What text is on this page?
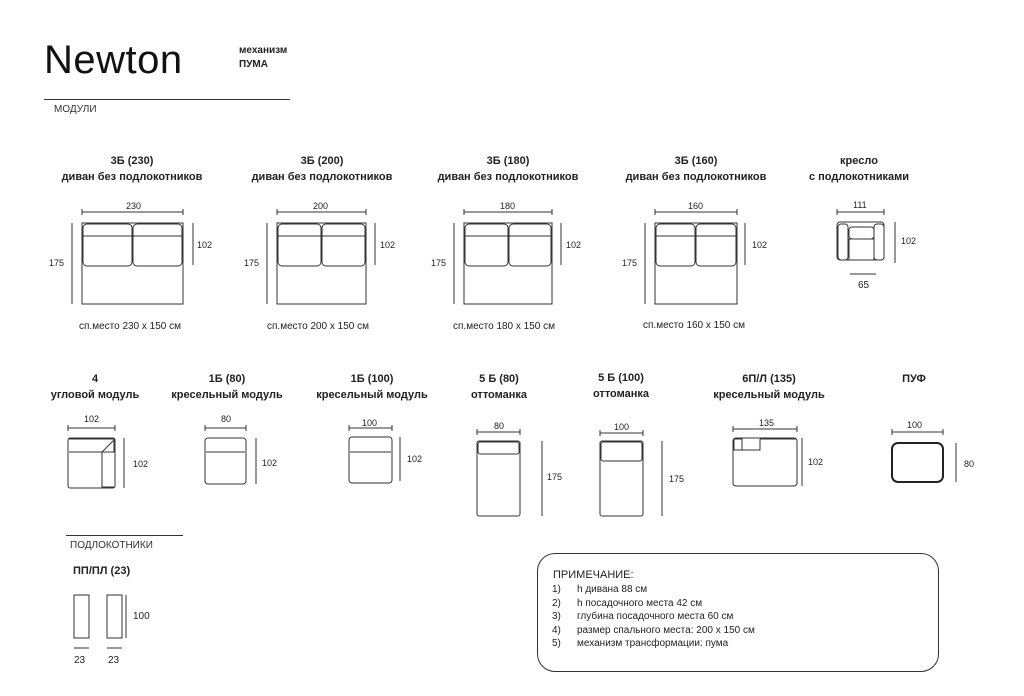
Newton	механизм
ПУМА
МОДУЛИ
3Б (230)
диван без подлокотников
230
175
102
сп.место 230 х 150 см
3Б (200)
диван без подлокотников
200
175
102
сп.место 200 х 150 см
3Б (180)
диван без подлокотников
180
175
102
сп.место 180 х 150 см
3Б (160)
диван без подлокотников
160
175
102
сп.место 160 х 150 см
кресло
с подлокотниками
111
102
65
4
угловой модуль
102
102
1Б (80)
кресельный модуль
80
102
1Б (100)
кресельный модуль
100
102
5 Б (80)
оттоманка
80
175
5 Б (100)
оттоманка
100
175
6П/Л (135)
кресельный модуль
135
102
ПУФ
100
80
ПОДЛОКОТНИКИ
ПП/ПЛ (23)
100
23 23
ПРИМЕЧАНИЕ:
1) h дивана 88 см
2) h посадочного места 42 см
3) глубина посадочного места 60 см
4) размер спального места: 200 х 150 см
5) механизм трансформации: пума
